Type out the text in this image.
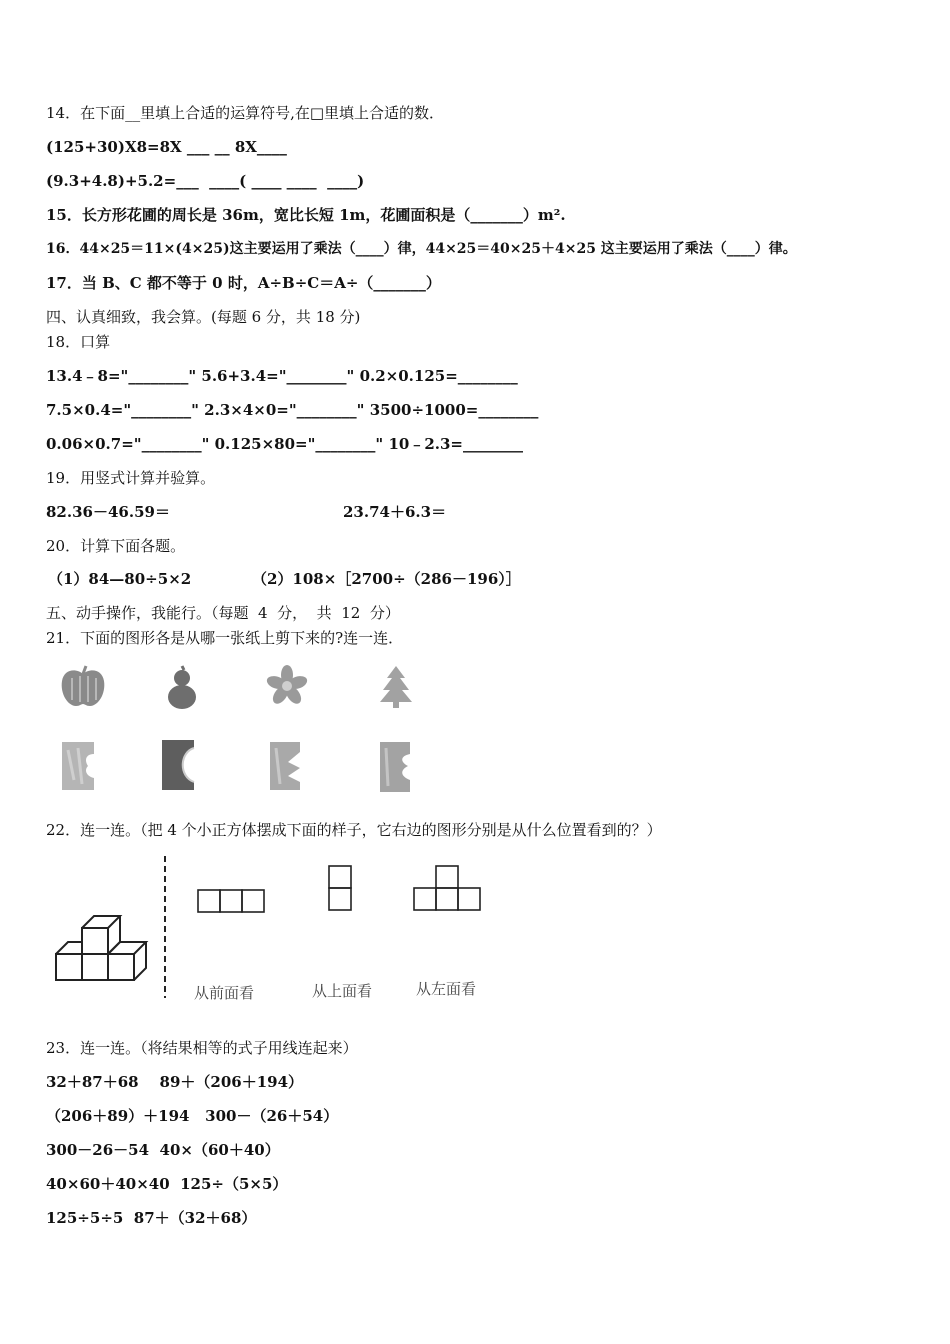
14．在下面__里填上合适的运算符号,在□里填上合适的数．
(125+30)X8=8X ___ __ 8X____
(9.3+4.8)+5.2=___  ____( ____ ____  ____)
15．长方形花圃的周长是 36m，宽比长短 1m，花圃面积是（_______）m².
16．44×25＝11×(4×25)这主要运用了乘法（____）律，44×25＝40×25＋4×25 这主要运用了乘法（____）律。
17．当 B、C 都不等于 0 时，A÷B÷C＝A÷（_______）
四、认真细致，我会算。(每题 6 分，共 18 分)
18．口算
13.4﹣8="________" 5.6+3.4="________" 0.2×0.125=________
7.5×0.4="________" 2.3×4×0="________" 3500÷1000=________
0.06×0.7="________" 0.125×80="________" 10﹣2.3=________
19．用竖式计算并验算。
82.36－46.59＝	23.74＋6.3＝
20．计算下面各题。
（1）84—80÷5×2	（2）108×［2700÷（286－196）］
五、动手操作，我能行。（每题  4  分，  共  12  分）
21．下面的图形各是从哪一张纸上剪下来的?连一连．
22．连一连。（把 4 个小正方体摆成下面的样子，它右边的图形分别是从什么位置看到的？）
从前面看	从上面看	从左面看
23．连一连。（将结果相等的式子用线连起来）
32＋87＋68    89＋（206＋194）
（206＋89）＋194   300－（26＋54）
300－26－54  40×（60＋40）
40×60＋40×40  125÷（5×5）
125÷5÷5  87＋（32＋68）
